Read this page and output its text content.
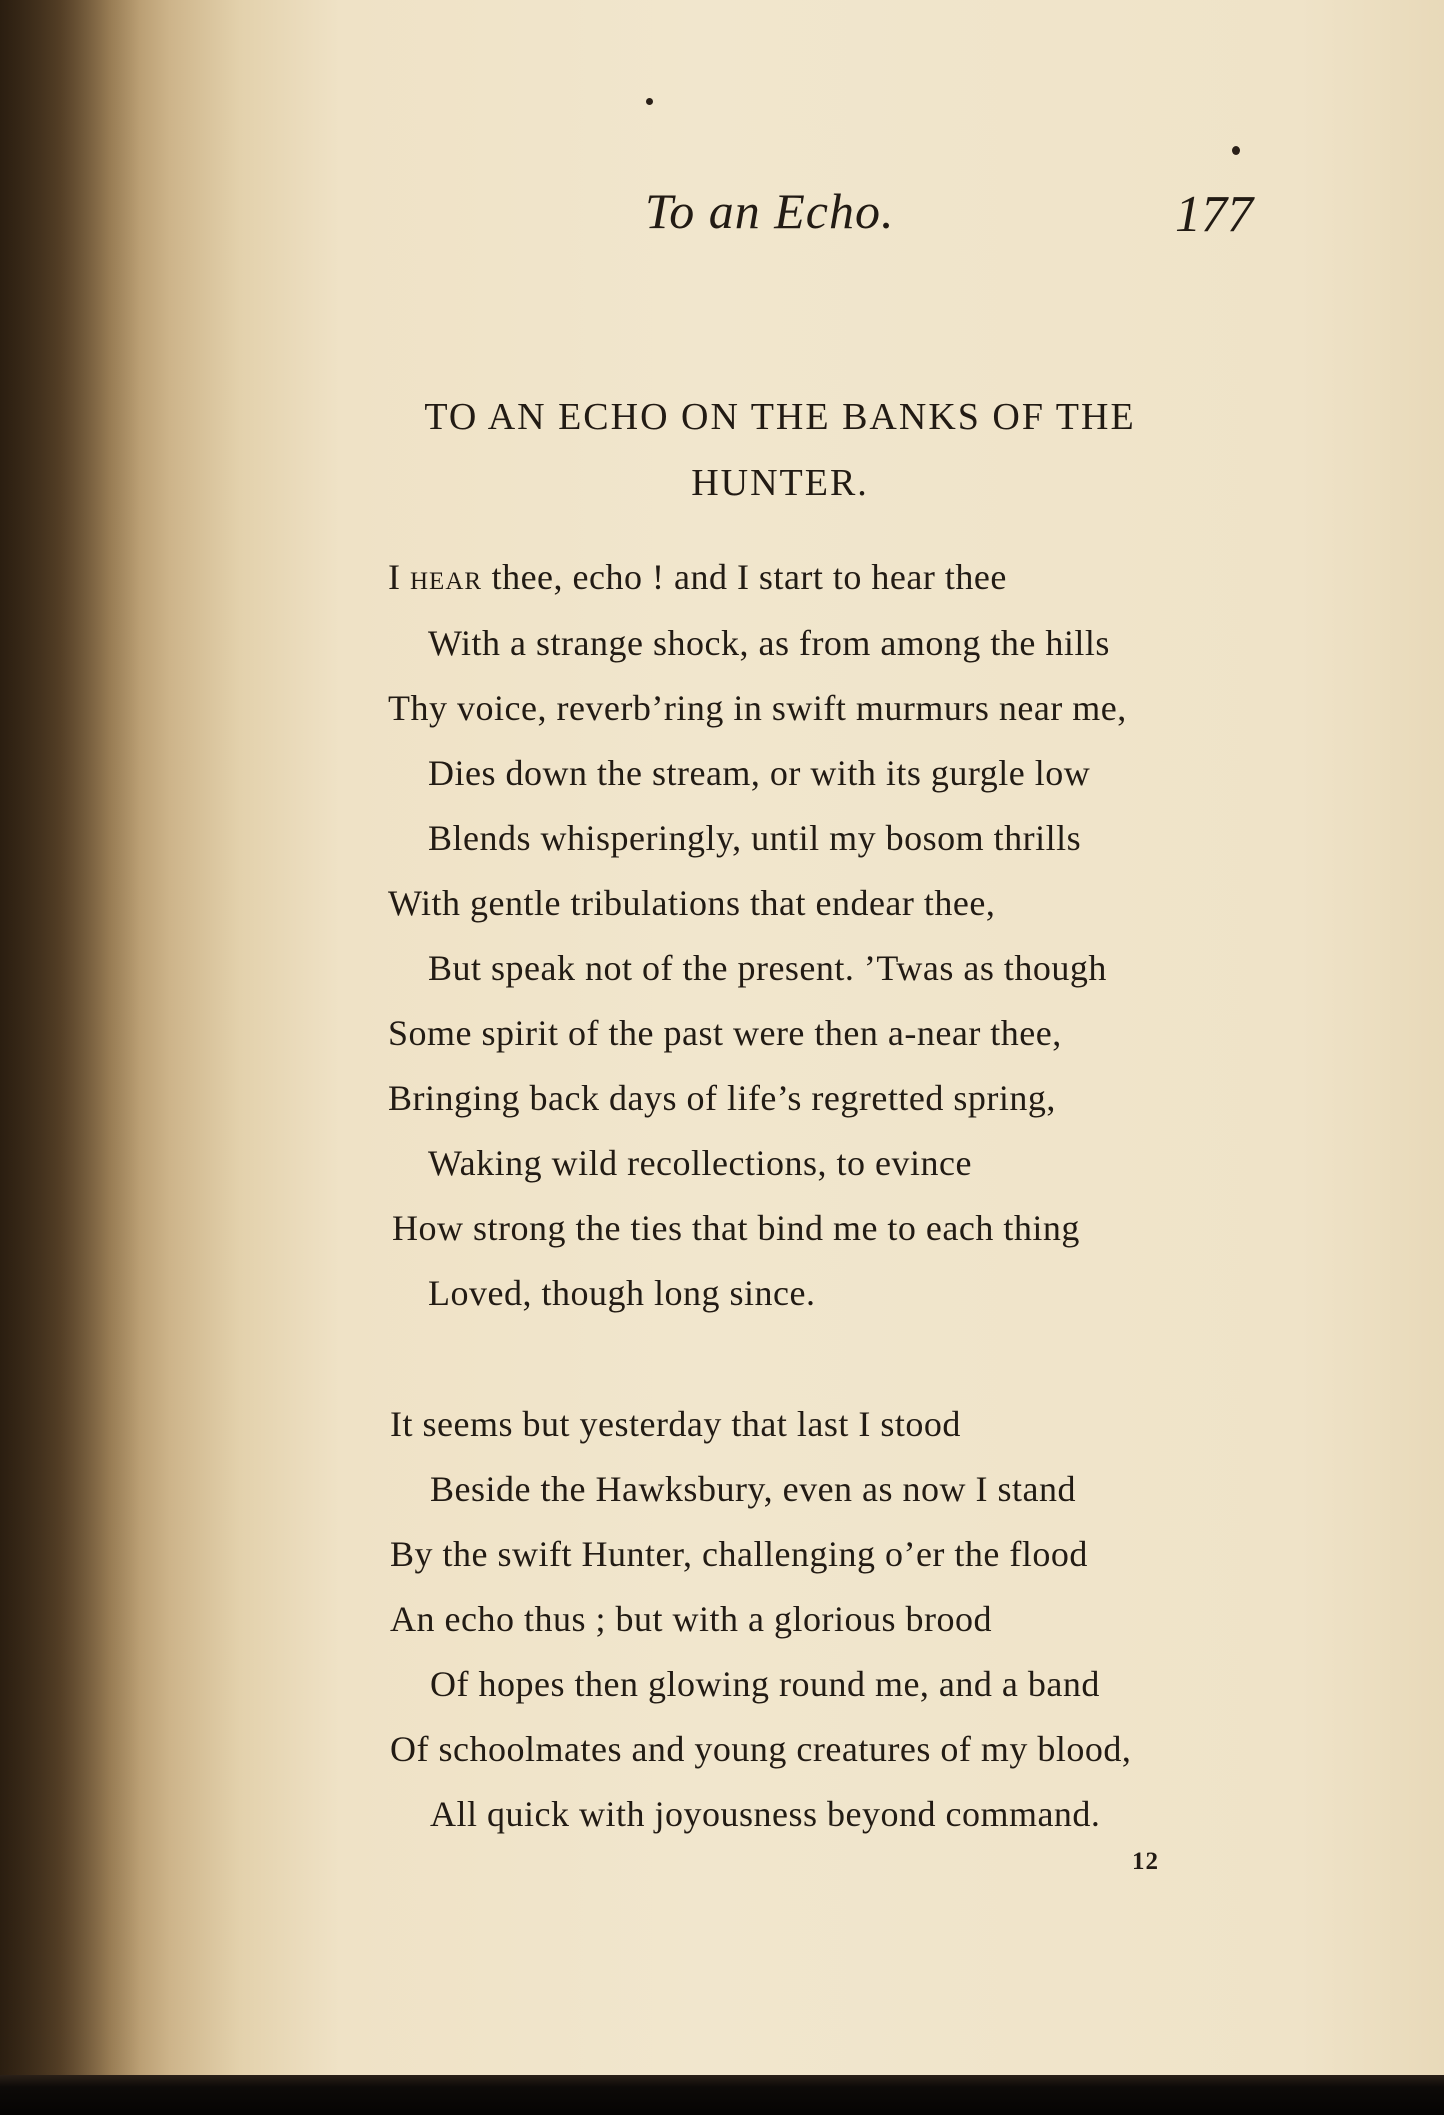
To an Echo.	177
TO AN ECHO ON THE BANKS OF THE
HUNTER.
I hear thee, echo ! and I start to hear thee
With a strange shock, as from among the hills
Thy voice, reverb’ring in swift murmurs near me,
Dies down the stream, or with its gurgle low
Blends whisperingly, until my bosom thrills
With gentle tribulations that endear thee,
But speak not of the present. ’Twas as though
Some spirit of the past were then a-near thee,
Bringing back days of life’s regretted spring,
Waking wild recollections, to evince
How strong the ties that bind me to each thing
Loved, though long since.
It seems but yesterday that last I stood
Beside the Hawksbury, even as now I stand
By the swift Hunter, challenging o’er the flood
An echo thus ; but with a glorious brood
Of hopes then glowing round me, and a band
Of schoolmates and young creatures of my blood,
All quick with joyousness beyond command.
12
